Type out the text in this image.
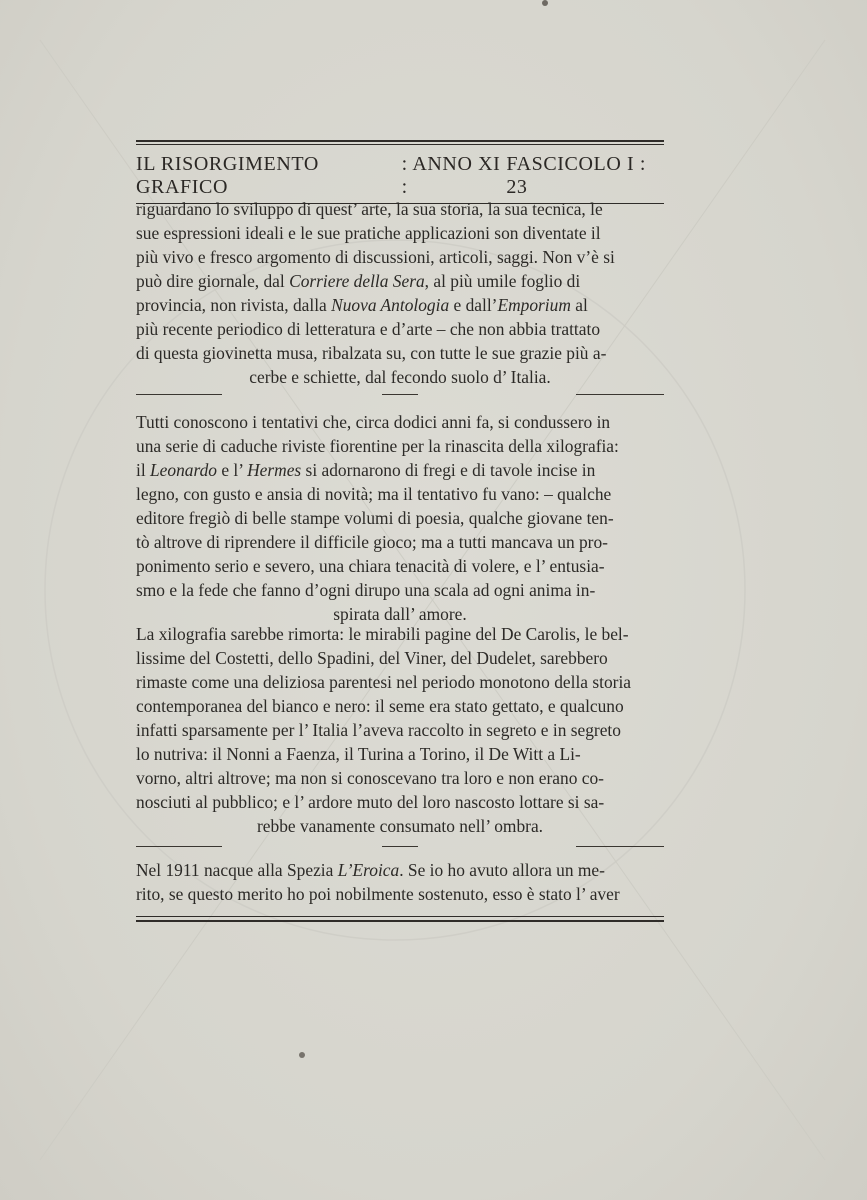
IL RISORGIMENTO GRAFICO
: ANNO XI :
FASCICOLO I : 23

riguardano lo sviluppo di quest’ arte, la sua storia, la sua tecnica, le

sue espressioni ideali e le sue pratiche applicazioni son diventate il

più vivo e fresco argomento di discussioni, articoli, saggi. Non v’è si

può dire giornale, dal Corriere della Sera, al più umile foglio di

provincia, non rivista, dalla Nuova Antologia e dall’Emporium al

più recente periodico di letteratura e d’arte – che non abbia trattato

di questa giovinetta musa, ribalzata su, con tutte le sue grazie più a-

cerbe e schiette, dal fecondo suolo d’ Italia.

Tutti conoscono i tentativi che, circa dodici anni fa, si condussero in

una serie di caduche riviste fiorentine per la rinascita della xilografia:

il Leonardo e l’ Hermes si adornarono di fregi e di tavole incise in

legno, con gusto e ansia di novità; ma il tentativo fu vano: – qualche

editore fregiò di belle stampe volumi di poesia, qualche giovane ten-

tò altrove di riprendere il difficile gioco; ma a tutti mancava un pro-

ponimento serio e severo, una chiara tenacità di volere, e l’ entusia-

smo e la fede che fanno d’ogni dirupo una scala ad ogni anima in-

spirata dall’ amore.

La xilografia sarebbe rimorta: le mirabili pagine del De Carolis, le bel-

lissime del Costetti, dello Spadini, del Viner, del Dudelet, sarebbero

rimaste come una deliziosa parentesi nel periodo monotono della storia

contemporanea del bianco e nero: il seme era stato gettato, e qualcuno

infatti sparsamente per l’ Italia l’aveva raccolto in segreto e in segreto

lo nutriva: il Nonni a Faenza, il Turina a Torino, il De Witt a Li-

vorno, altri altrove; ma non si conoscevano tra loro e non erano co-

nosciuti al pubblico; e l’ ardore muto del loro nascosto lottare si sa-

rebbe vanamente consumato nell’ ombra.

Nel 1911 nacque alla Spezia L’Eroica. Se io ho avuto allora un me-

rito, se questo merito ho poi nobilmente sostenuto, esso è stato l’ aver
